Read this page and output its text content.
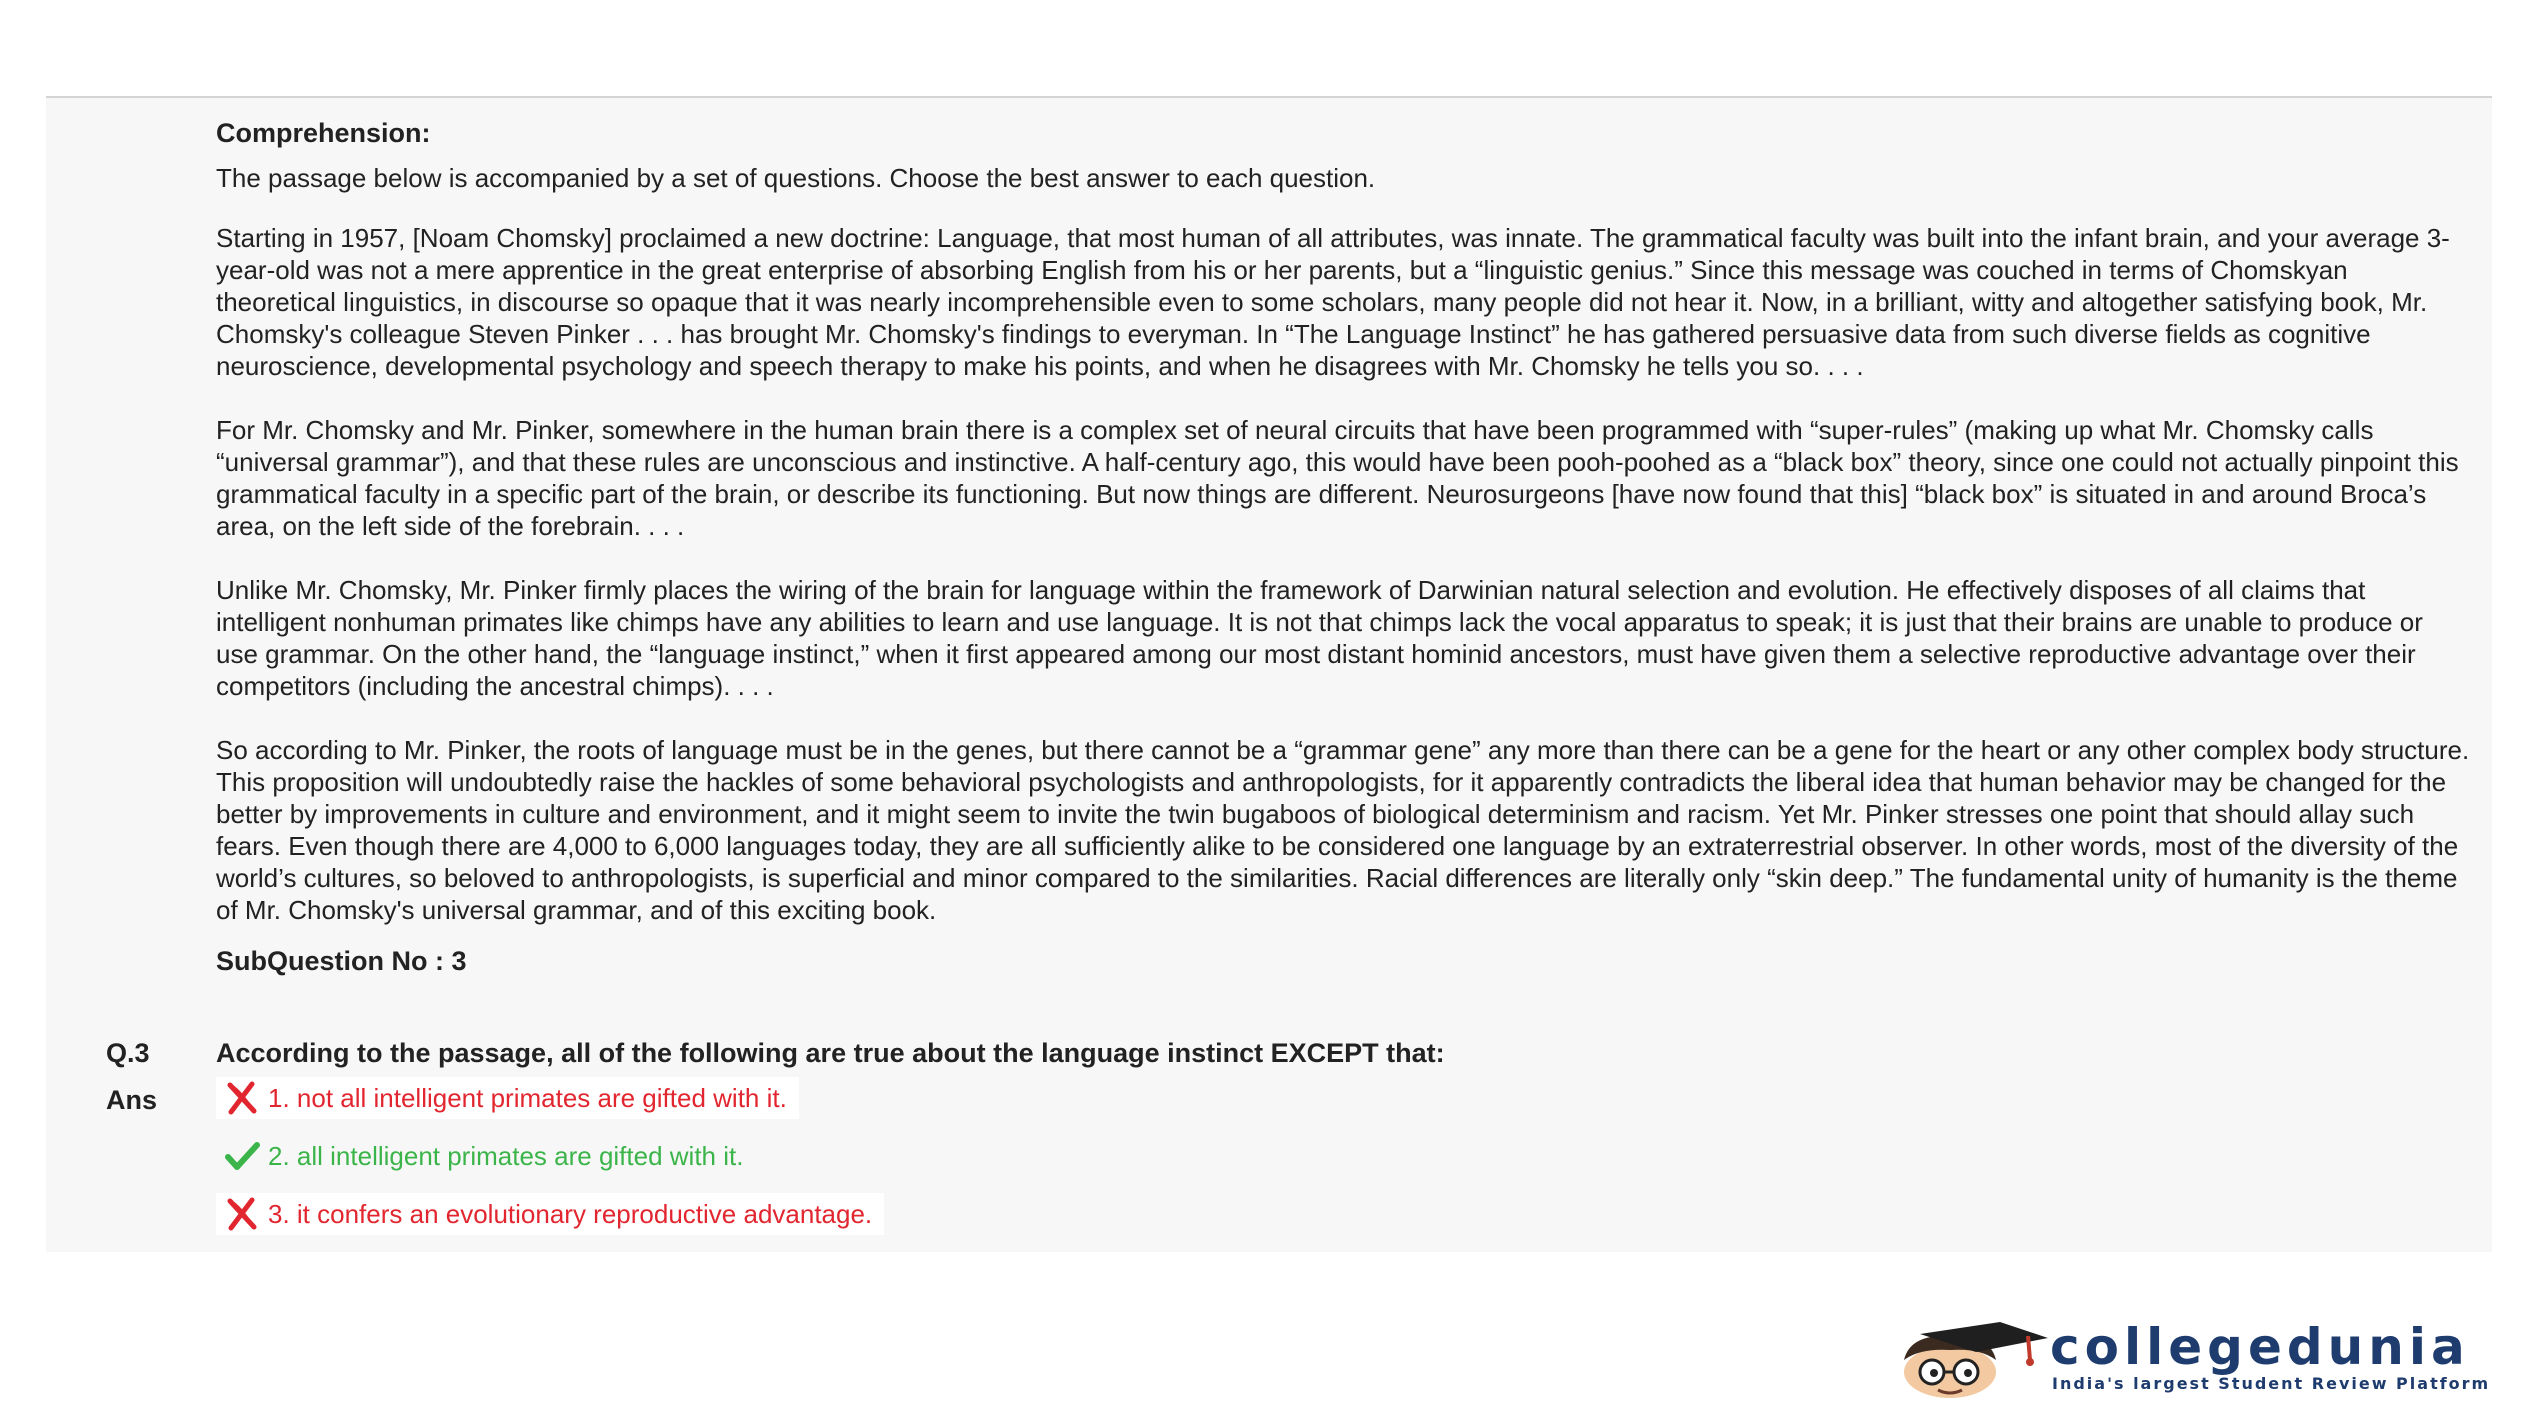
Comprehension:

The passage below is accompanied by a set of questions. Choose the best answer to each question.

Starting in 1957, [Noam Chomsky] proclaimed a new doctrine: Language, that most human of all attributes, was innate. The grammatical faculty was built into the infant brain, and your average 3-year-old was not a mere apprentice in the great enterprise of absorbing English from his or her parents, but a “linguistic genius.” Since this message was couched in terms of Chomskyan theoretical linguistics, in discourse so opaque that it was nearly incomprehensible even to some scholars, many people did not hear it. Now, in a brilliant, witty and altogether satisfying book, Mr. Chomsky's colleague Steven Pinker . . . has brought Mr. Chomsky's findings to everyman. In “The Language Instinct” he has gathered persuasive data from such diverse fields as cognitive neuroscience, developmental psychology and speech therapy to make his points, and when he disagrees with Mr. Chomsky he tells you so. . . .

For Mr. Chomsky and Mr. Pinker, somewhere in the human brain there is a complex set of neural circuits that have been programmed with “super-rules” (making up what Mr. Chomsky calls “universal grammar”), and that these rules are unconscious and instinctive. A half-century ago, this would have been pooh-poohed as a “black box” theory, since one could not actually pinpoint this grammatical faculty in a specific part of the brain, or describe its functioning. But now things are different. Neurosurgeons [have now found that this] “black box” is situated in and around Broca’s area, on the left side of the forebrain. . . .

Unlike Mr. Chomsky, Mr. Pinker firmly places the wiring of the brain for language within the framework of Darwinian natural selection and evolution. He effectively disposes of all claims that intelligent nonhuman primates like chimps have any abilities to learn and use language. It is not that chimps lack the vocal apparatus to speak; it is just that their brains are unable to produce or use grammar. On the other hand, the “language instinct,” when it first appeared among our most distant hominid ancestors, must have given them a selective reproductive advantage over their competitors (including the ancestral chimps). . . .

So according to Mr. Pinker, the roots of language must be in the genes, but there cannot be a “grammar gene” any more than there can be a gene for the heart or any other complex body structure. This proposition will undoubtedly raise the hackles of some behavioral psychologists and anthropologists, for it apparently contradicts the liberal idea that human behavior may be changed for the better by improvements in culture and environment, and it might seem to invite the twin bugaboos of biological determinism and racism. Yet Mr. Pinker stresses one point that should allay such fears. Even though there are 4,000 to 6,000 languages today, they are all sufficiently alike to be considered one language by an extraterrestrial observer. In other words, most of the diversity of the world’s cultures, so beloved to anthropologists, is superficial and minor compared to the similarities. Racial differences are literally only “skin deep.” The fundamental unity of humanity is the theme of Mr. Chomsky's universal grammar, and of this exciting book.

SubQuestion No : 3

Q.3 According to the passage, all of the following are true about the language instinct EXCEPT that:
Ans	1. not all intelligent primates are gifted with it.
2. all intelligent primates are gifted with it.
3. it confers an evolutionary reproductive advantage.
collegedunia
India's largest Student Review Platform
